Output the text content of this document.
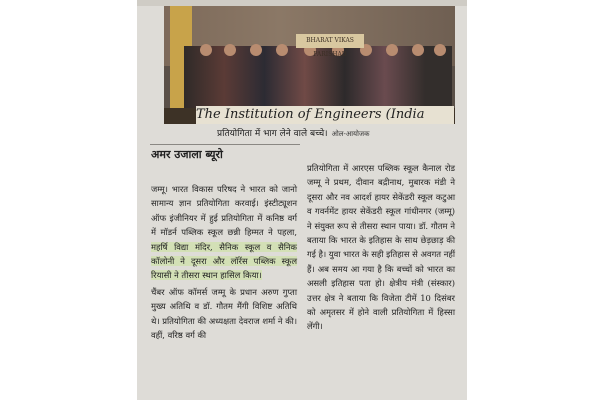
BHARAT VIKAS PARISHAD
The Institution of Engineers (India
प्रतियोगिता में भाग लेने वाले बच्चे। ओल-आयोजक
अमर उजाला ब्यूरो

जम्मू। भारत विकास परिषद ने भारत को जानो सामान्य ज्ञान प्रतियोगिता करवाई। इंस्टीट्यूशन ऑफ इंजीनियर में हुई प्रतियोगिता में कनिष्ठ वर्ग में मॉडर्न पब्लिक स्कूल छन्नी हिम्मत ने पहला, महर्षि विद्या मंदिर, सैनिक स्कूल व सैनिक कॉलोनी ने दूसरा और लॉरेंस पब्लिक स्कूल रियासी ने तीसरा स्थान हासिल किया।

चैंबर ऑफ कॉमर्स जम्मू के प्रधान अरुण गुप्ता मुख्य अतिथि व डॉ. गौतम मैंगी विशिष्ट अतिथि थे। प्रतियोगिता की अध्यक्षता देवराज शर्मा ने की। वहीं, वरिष्ठ वर्ग की

प्रतियोगिता में आरएस पब्लिक स्कूल कैनाल रोड जम्मू ने प्रथम, दीवान बद्रीनाथ, मुबारक मंडी ने दूसरा और नव आदर्श हायर सेकेंडरी स्कूल कटुआ व गवर्नमेंट हायर सेकेंडरी स्कूल गांधीनगर (जम्मू) ने संयुक्त रूप से तीसरा स्थान पाया। डॉ. गौतम ने बताया कि भारत के इतिहास के साथ छेड़छाड़ की गई है। युवा भारत के सही इतिहास से अवगत नहीं हैं। अब समय आ गया है कि बच्चों को भारत का असली इतिहास पता हो। क्षेत्रीय मंत्री (संस्कार) उत्तर क्षेत्र ने बताया कि विजेता टीमें 10 दिसंबर को अमृतसर में होने वाली प्रतियोगिता में हिस्सा लेंगी।
